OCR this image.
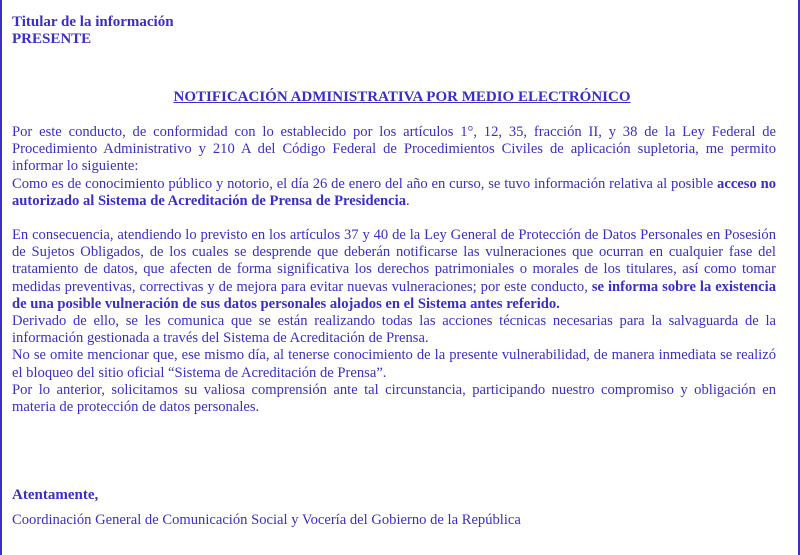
Titular de la información
PRESENTE
NOTIFICACIÓN ADMINISTRATIVA POR MEDIO ELECTRÓNICO

Por este conducto, de conformidad con lo establecido por los artículos 1°, 12, 35, fracción II, y 38 de la Ley Federal de Procedimiento Administrativo y 210 A del Código Federal de Procedimientos Civiles de aplicación supletoria, me permito informar lo siguiente:

Como es de conocimiento público y notorio, el día 26 de enero del año en curso, se tuvo información relativa al posible acceso no autorizado al Sistema de Acreditación de Prensa de Presidencia.

En consecuencia, atendiendo lo previsto en los artículos 37 y 40 de la Ley General de Protección de Datos Personales en Posesión de Sujetos Obligados, de los cuales se desprende que deberán notificarse las vulneraciones que ocurran en cualquier fase del tratamiento de datos, que afecten de forma significativa los derechos patrimoniales o morales de los titulares, así como tomar medidas preventivas, correctivas y de mejora para evitar nuevas vulneraciones; por este conducto, se informa sobre la existencia de una posible vulneración de sus datos personales alojados en el Sistema antes referido.

Derivado de ello, se les comunica que se están realizando todas las acciones técnicas necesarias para la salvaguarda de la información gestionada a través del Sistema de Acreditación de Prensa.

No se omite mencionar que, ese mismo día, al tenerse conocimiento de la presente vulnerabilidad, de manera inmediata se realizó el bloqueo del sitio oficial “Sistema de Acreditación de Prensa”.

Por lo anterior, solicitamos su valiosa comprensión ante tal circunstancia, participando nuestro compromiso y obligación en materia de protección de datos personales.

Atentamente,
Coordinación General de Comunicación Social y Vocería del Gobierno de la República
